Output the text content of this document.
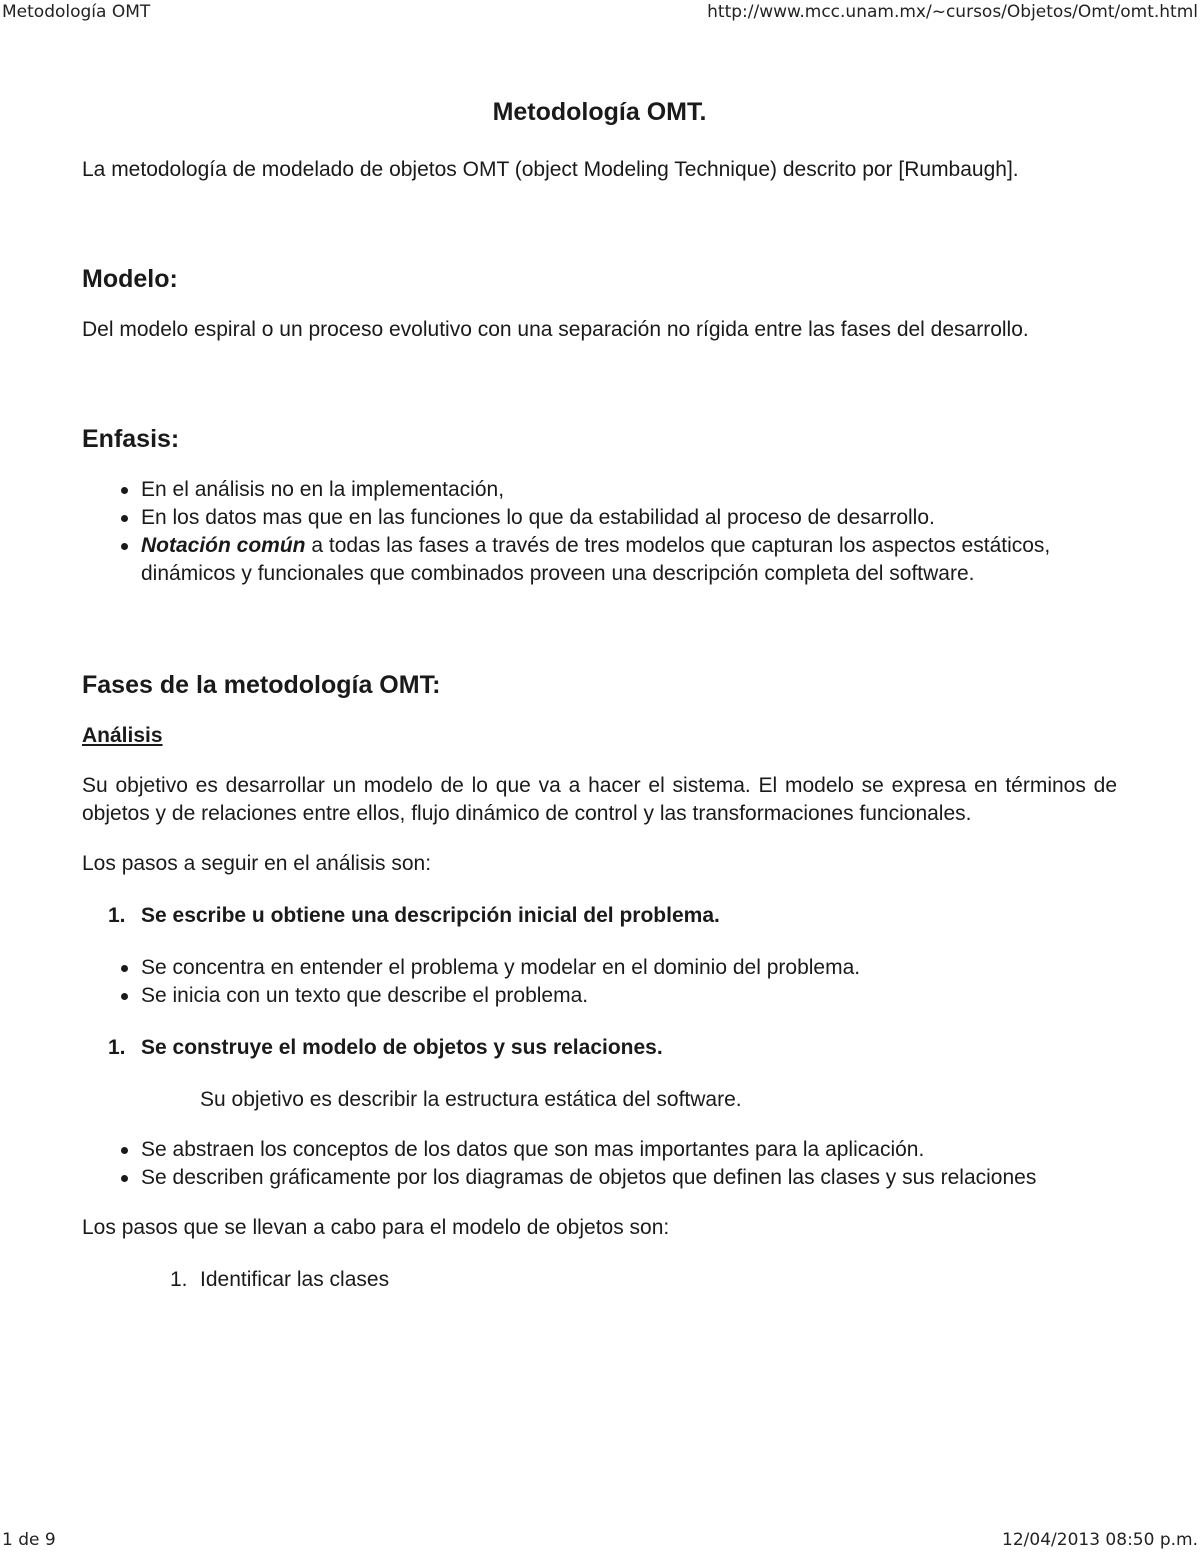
Metodología OMT	http://www.mcc.unam.mx/~cursos/Objetos/Omt/omt.html
Metodología OMT.

La metodología de modelado de objetos OMT (object Modeling Technique) descrito por [Rumbaugh].

Modelo:

Del modelo espiral o un proceso evolutivo con una separación no rígida entre las fases del desarrollo.

Enfasis:
En el análisis no en la implementación,
En los datos mas que en las funciones lo que da estabilidad al proceso de desarrollo.
Notación común a todas las fases a través de tres modelos que capturan los aspectos estáticos, dinámicos y funcionales que combinados proveen una descripción completa del software.
Fases de la metodología OMT:
Análisis

Su objetivo es desarrollar un modelo de lo que va a hacer el sistema. El modelo se expresa en términos de objetos y de relaciones entre ellos, flujo dinámico de control y las transformaciones funcionales.

Los pasos a seguir en el análisis son:

1. Se escribe u obtiene una descripción inicial del problema.
Se concentra en entender el problema y modelar en el dominio del problema.
Se inicia con un texto que describe el problema.
1. Se construye el modelo de objetos y sus relaciones.

Su objetivo es describir la estructura estática del software.

Se abstraen los conceptos de los datos que son mas importantes para la aplicación.
Se describen gráficamente por los diagramas de objetos que definen las clases y sus relaciones

Los pasos que se llevan a cabo para el modelo de objetos son:

1. Identificar las clases
1 de 9	12/04/2013 08:50 p.m.
